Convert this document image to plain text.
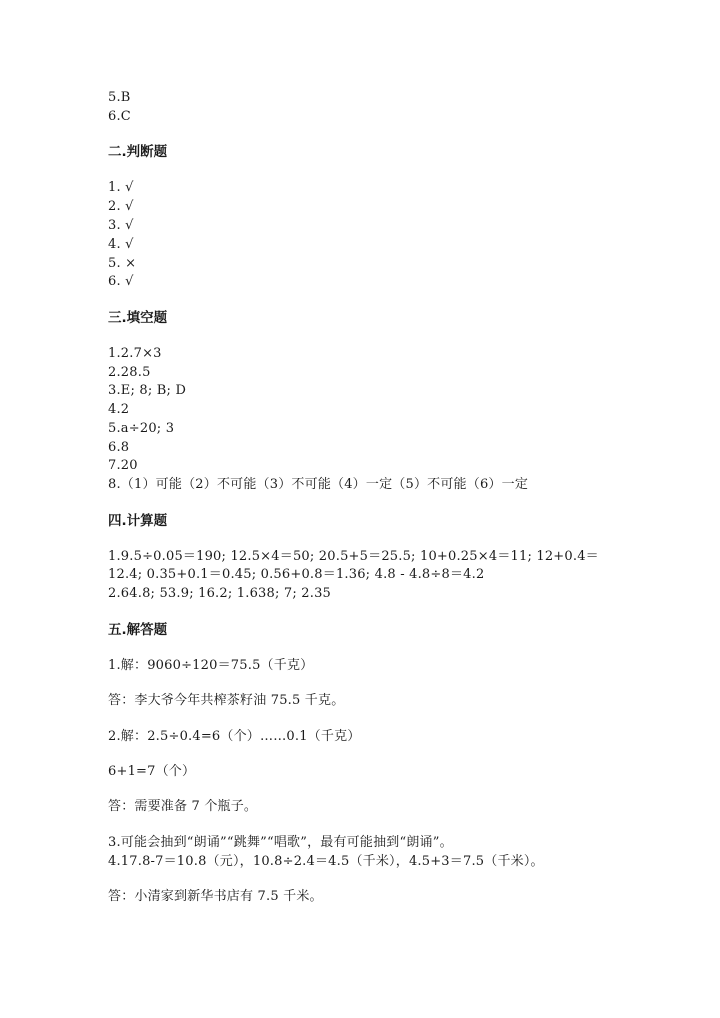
5.B
6.C
二.判断题
1. √
2. √
3. √
4. √
5. ×
6. √
三.填空题
1.2.7×3
2.28.5
3.E; 8; B; D
4.2
5.a÷20; 3
6.8
7.20
8.（1）可能（2）不可能（3）不可能（4）一定（5）不可能（6）一定
四.计算题
1.9.5÷0.05＝190; 12.5×4＝50; 20.5+5＝25.5; 10+0.25×4＝11; 12+0.4＝
12.4; 0.35+0.1＝0.45; 0.56+0.8＝1.36; 4.8 - 4.8÷8＝4.2
2.64.8; 53.9; 16.2; 1.638; 7; 2.35
五.解答题
1.解：9060÷120＝75.5（千克）
答：李大爷今年共榨茶籽油 75.5 千克。
2.解：2.5÷0.4=6（个）……0.1（千克）
6+1=7（个）
答：需要准备 7 个瓶子。
3.可能会抽到“朗诵”“跳舞”“唱歌”，最有可能抽到“朗诵”。
4.17.8-7＝10.8（元），10.8÷2.4＝4.5（千米），4.5+3＝7.5（千米）。
答：小清家到新华书店有 7.5 千米。
